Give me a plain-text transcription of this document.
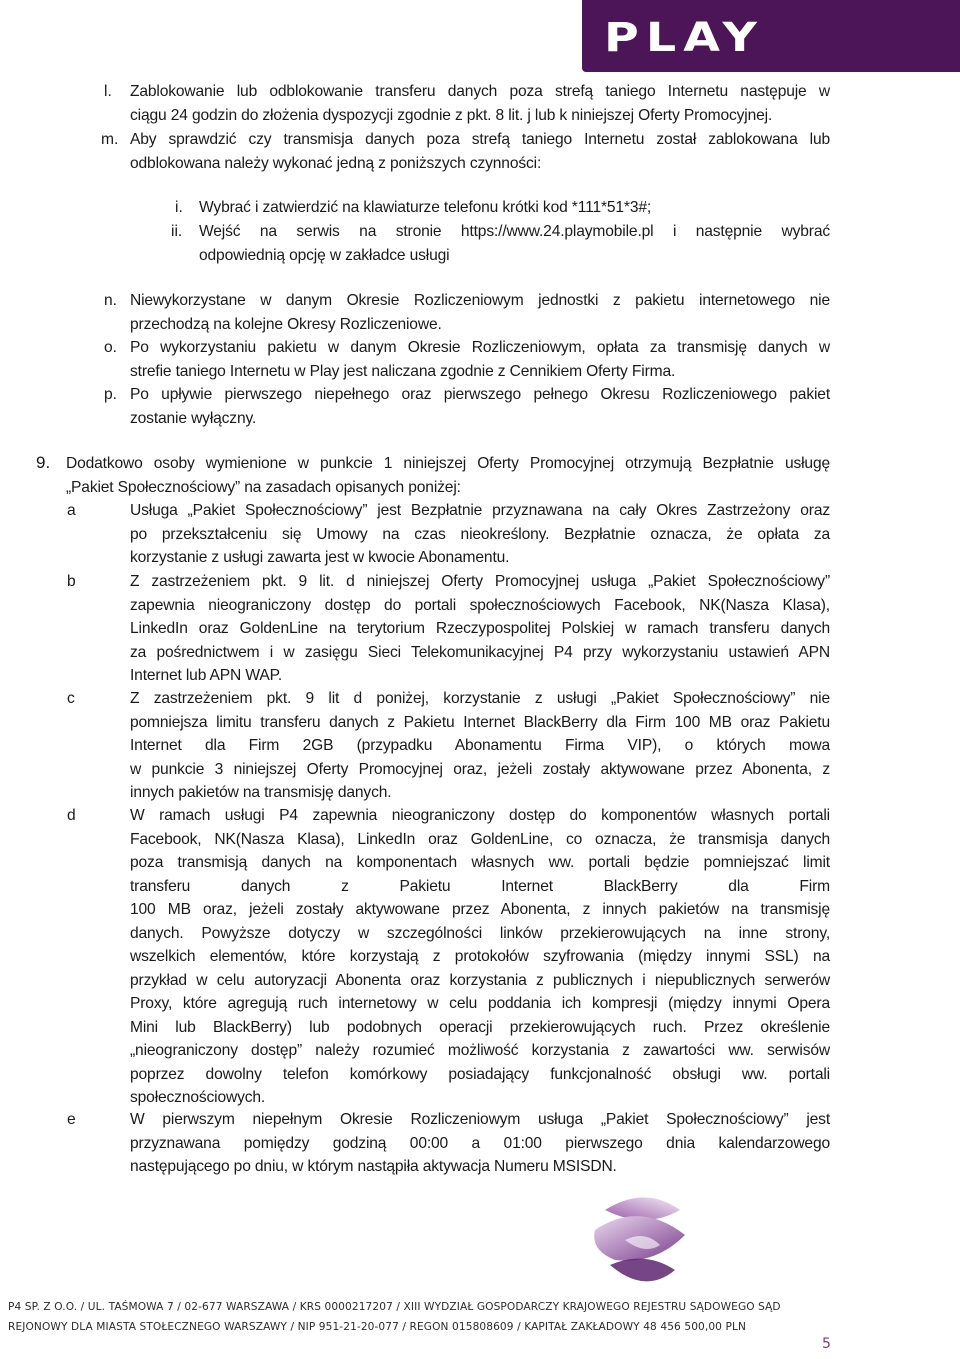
PLAY
l. Zablokowanie lub odblokowanie transferu danych poza strefą taniego Internetu następuje w
ciągu 24 godzin do złożenia dyspozycji zgodnie z pkt. 8 lit. j lub k niniejszej Oferty Promocyjnej.
m. Aby sprawdzić czy transmisja danych poza strefą taniego Internetu został zablokowana lub
odblokowana należy wykonać jedną z poniższych czynności:
i. Wybrać i zatwierdzić na klawiaturze telefonu krótki kod *111*51*3#;
ii. Wejść na serwis na stronie https://www.24.playmobile.pl i następnie wybrać
odpowiednią opcję w zakładce usługi
n. Niewykorzystane w danym Okresie Rozliczeniowym jednostki z pakietu internetowego nie
przechodzą na kolejne Okresy Rozliczeniowe.
o. Po wykorzystaniu pakietu w danym Okresie Rozliczeniowym, opłata za transmisję danych w
strefie taniego Internetu w Play jest naliczana zgodnie z Cennikiem Oferty Firma.
p. Po upływie pierwszego niepełnego oraz pierwszego pełnego Okresu Rozliczeniowego pakiet
zostanie wyłączny.
9. Dodatkowo osoby wymienione w punkcie 1 niniejszej Oferty Promocyjnej otrzymują Bezpłatnie usługę
„Pakiet Społecznościowy” na zasadach opisanych poniżej:
a	Usługa „Pakiet Społecznościowy” jest Bezpłatnie przyznawana na cały Okres Zastrzeżony oraz
po przekształceniu się Umowy na czas nieokreślony. Bezpłatnie oznacza, że opłata za
korzystanie z usługi zawarta jest w kwocie Abonamentu.
b	Z zastrzeżeniem pkt. 9 lit. d niniejszej Oferty Promocyjnej usługa „Pakiet Społecznościowy”
zapewnia nieograniczony dostęp do portali społecznościowych Facebook, NK(Nasza Klasa),
LinkedIn oraz GoldenLine na terytorium Rzeczypospolitej Polskiej w ramach transferu danych
za pośrednictwem i w zasięgu Sieci Telekomunikacyjnej P4 przy wykorzystaniu ustawień APN
Internet lub APN WAP.
c	Z zastrzeżeniem pkt. 9 lit d poniżej, korzystanie z usługi „Pakiet Społecznościowy” nie
pomniejsza limitu transferu danych z Pakietu Internet BlackBerry dla Firm 100 MB oraz Pakietu
Internet dla Firm 2GB (przypadku Abonamentu Firma VIP), o których mowa
w punkcie 3 niniejszej Oferty Promocyjnej oraz, jeżeli zostały aktywowane przez Abonenta, z
innych pakietów na transmisję danych.
d	W ramach usługi P4 zapewnia nieograniczony dostęp do komponentów własnych portali
Facebook, NK(Nasza Klasa), LinkedIn oraz GoldenLine, co oznacza, że transmisja danych
poza transmisją danych na komponentach własnych ww. portali będzie pomniejszać limit
transferu danych z Pakietu Internet BlackBerry dla Firm
100 MB oraz, jeżeli zostały aktywowane przez Abonenta, z innych pakietów na transmisję
danych. Powyższe dotyczy w szczególności linków przekierowujących na inne strony,
wszelkich elementów, które korzystają z protokołów szyfrowania (między innymi SSL) na
przykład w celu autoryzacji Abonenta oraz korzystania z publicznych i niepublicznych serwerów
Proxy, które agregują ruch internetowy w celu poddania ich kompresji (między innymi Opera
Mini lub BlackBerry) lub podobnych operacji przekierowujących ruch. Przez określenie
„nieograniczony dostęp” należy rozumieć możliwość korzystania z zawartości ww. serwisów
poprzez dowolny telefon komórkowy posiadający funkcjonalność obsługi ww. portali
społecznościowych.
e	W pierwszym niepełnym Okresie Rozliczeniowym usługa „Pakiet Społecznościowy” jest
przyznawana pomiędzy godziną 00:00 a 01:00 pierwszego dnia kalendarzowego
następującego po dniu, w którym nastąpiła aktywacja Numeru MSISDN.
P4 SP. Z O.O. / UL. TAŚMOWA 7 / 02-677 WARSZAWA / KRS 0000217207 / XIII WYDZIAŁ GOSPODARCZY KRAJOWEGO REJESTRU SĄDOWEGO SĄD
REJONOWY DLA MIASTA STOŁECZNEGO WARSZAWY / NIP 951-21-20-077 / REGON 015808609 / KAPITAŁ ZAKŁADOWY 48 456 500,00 PLN
5
